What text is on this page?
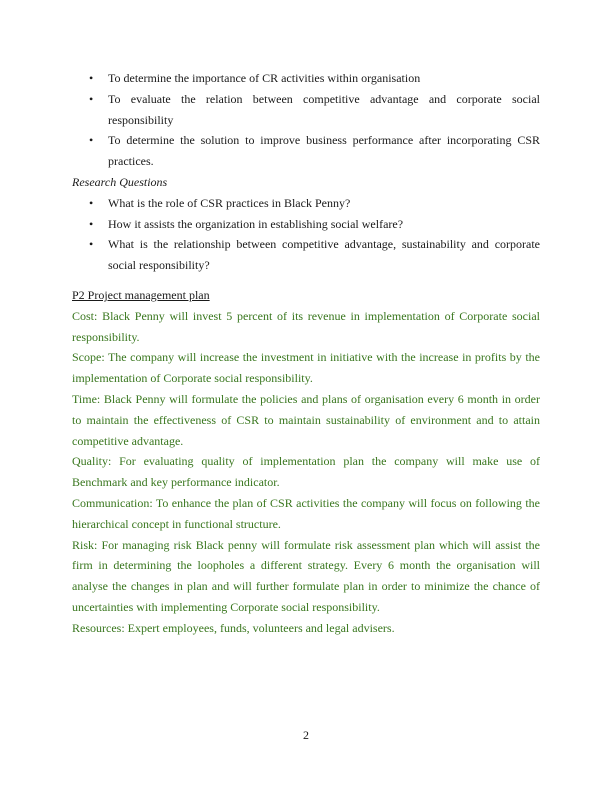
• To determine the importance of CR activities within organisation
• To evaluate the relation between competitive advantage and corporate social responsibility
• To determine the solution to improve business performance after incorporating CSR practices.
Research Questions
• What is the role of CSR practices in Black Penny?
• How it assists the organization in establishing social welfare?
• What is the relationship between competitive advantage, sustainability and corporate social responsibility?
P2 Project management plan

Cost: Black Penny will invest 5 percent of its revenue in implementation of Corporate social responsibility.

Scope: The company will increase the investment in initiative with the increase in profits by the implementation of Corporate social responsibility.

Time: Black Penny will formulate the policies and plans of organisation every 6 month in order to maintain the effectiveness of CSR to maintain sustainability of environment and to attain competitive advantage.

Quality: For evaluating quality of implementation plan the company will make use of Benchmark and key performance indicator.

Communication: To enhance the plan of CSR activities the company will focus on following the hierarchical concept in functional structure.

Risk: For managing risk Black penny will formulate risk assessment plan which will assist the firm in determining the loopholes a different strategy. Every 6 month the organisation will analyse the changes in plan and will further formulate plan in order to minimize the chance of uncertainties with implementing Corporate social responsibility.

Resources: Expert employees, funds, volunteers and legal advisers.

2
